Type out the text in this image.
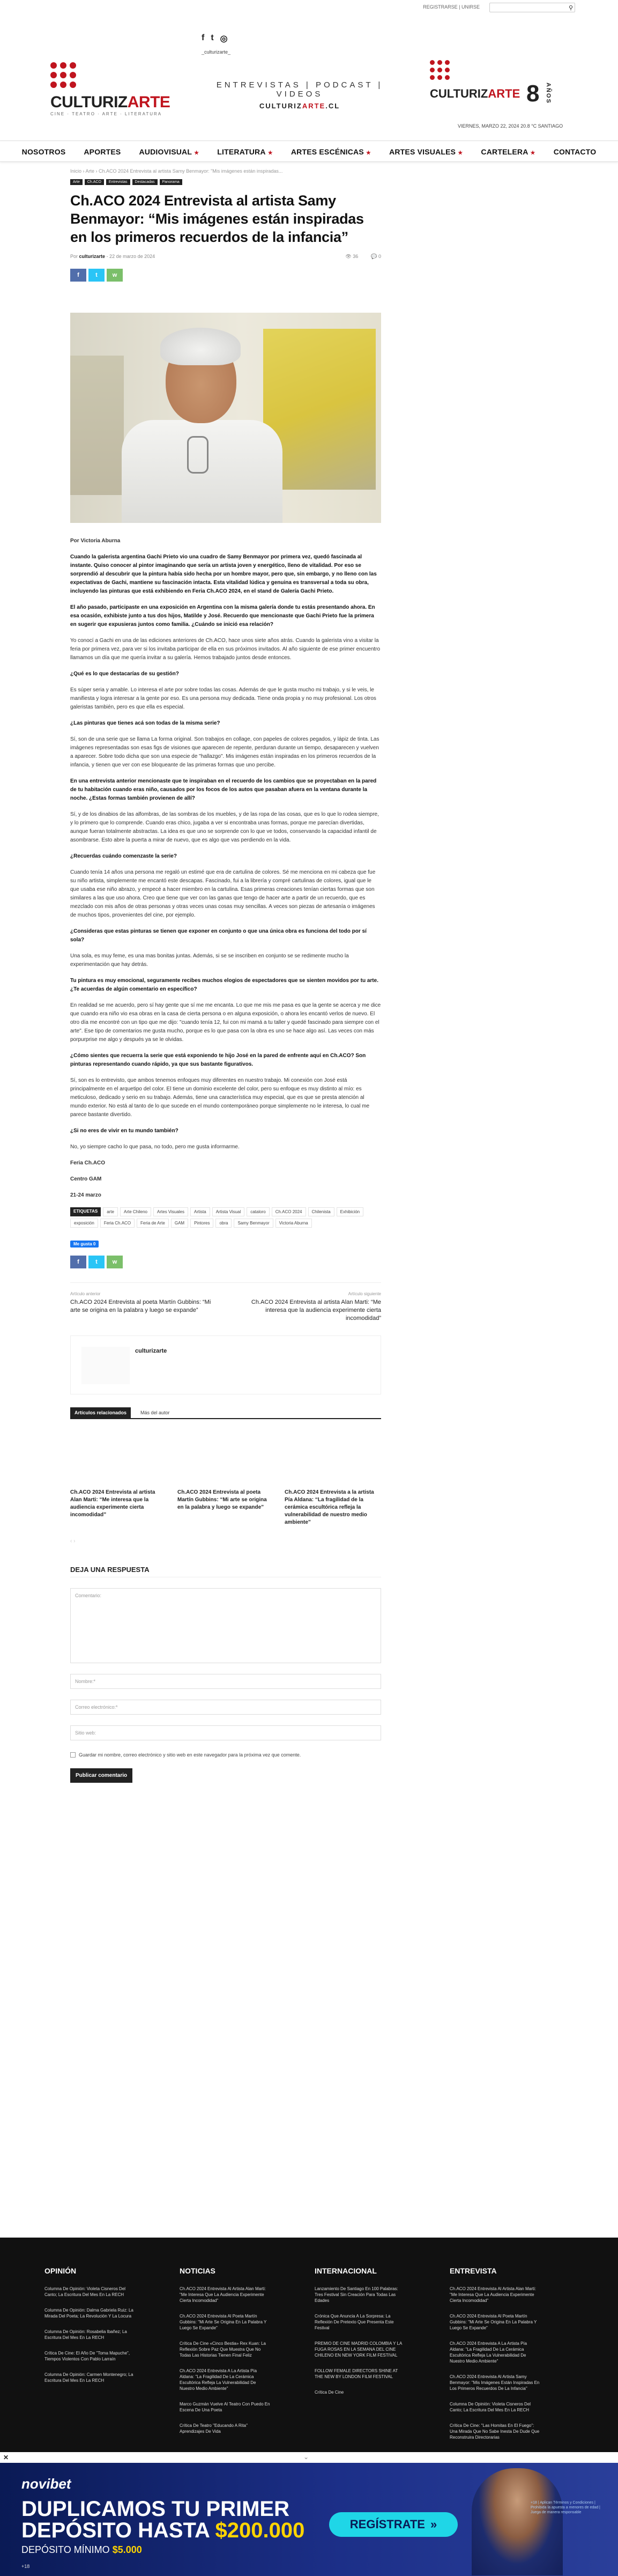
REGISTRARSE | UNIRSE	⚲
f t ◎
_culturizarte_
CULTURIZARTE
CINE · TEATRO · ARTE · LITERATURA
ENTREVISTAS | PODCAST | VIDEOS
CULTURIZARTE.CL
CULTURIZARTE 8 AÑOS
VIERNES, MARZO 22, 2024 20.8 °C SANTIAGO
NOSOTROS APORTES AUDIOVISUAL ★ LITERATURA ★ ARTES ESCÉNICAS ★ ARTES VISUALES ★ CARTELERA ★ CONTACTO
Inicio › Arte › Ch.ACO 2024 Entrevista al artista Samy Benmayor: "Mis imágenes están inspiradas...
Arte	Ch.ACO	Entrevistas	Destacadas	Panorama
Ch.ACO 2024 Entrevista al artista Samy Benmayor: “Mis imágenes están inspiradas en los primeros recuerdos de la infancia”
Por culturizarte - 22 de marzo de 2024	👁 36	💬 0
f	t	w

Por Victoria Aburna

Cuando la galerista argentina Gachi Prieto vio una cuadro de Samy Benmayor por primera vez, quedó fascinada al instante. Quiso conocer al pintor imaginando que sería un artista joven y energético, lleno de vitalidad. Por eso se sorprendió al descubrir que la pintura había sido hecha por un hombre mayor, pero que, sin embargo, y no lleno con las expectativas de Gachi, mantiene su fascinación intacta. Esta vitalidad lúdica y genuina es transversal a toda su obra, incluyendo las pinturas que está exhibiendo en Feria Ch.ACO 2024, en el stand de Galería Gachi Prieto.

El año pasado, participaste en una exposición en Argentina con la misma galería donde tu estás presentando ahora. En esa ocasión, exhibiste junto a tus dos hijos, Matilde y José. Recuerdo que mencionaste que Gachi Prieto fue la primera en sugerir que expusieras juntos como familia. ¿Cuándo se inició esa relación?

Yo conocí a Gachi en una de las ediciones anteriores de Ch.ACO, hace unos siete años atrás. Cuando la galerista vino a visitar la feria por primera vez, para ver si los invitaba participar de ella en sus próximos invitados. Al año siguiente de ese primer encuentro llamamos un día que me quería invitar a su galería. Hemos trabajado juntos desde entonces.

¿Qué es lo que destacarías de su gestión?

Es súper seria y amable. Lo interesa el arte por sobre todas las cosas. Además de que le gusta mucho mi trabajo, y si le veis, le manifiesta y logra interesar a la gente por eso. Es una persona muy dedicada. Tiene onda propia y no muy profesional. Los otros galeristas también, pero es que ella es especial.

¿Las pinturas que tienes acá son todas de la misma serie?

Sí, son de una serie que se llama La forma original. Son trabajos en collage, con papeles de colores pegados, y lápiz de tinta. Las imágenes representadas son esas figs de visiones que aparecen de repente, perduran durante un tiempo, desaparecen y vuelven a aparecer. Sobre todo dicha que son una especie de "hallazgo". Mis imágenes están inspiradas en los primeros recuerdos de la infancia, y tienen que ver con ese bloqueante de las primeras formas que uno percibe.

En una entrevista anterior mencionaste que te inspiraban en el recuerdo de los cambios que se proyectaban en la pared de tu habitación cuando eras niño, causados por los focos de los autos que pasaban afuera en la ventana durante la noche. ¿Estas formas también provienen de allí?

Sí, y de los dinabios de las alfombras, de las sombras de los muebles, y de las ropa de las cosas, que es lo que lo rodea siempre, y lo primero que lo comprende. Cuando eras chico, jugaba a ver si encontraba unas formas, porque me parecían divertidas, aunque fueran totalmente abstractas. La idea es que uno se sorprende con lo que ve todos, conservando la capacidad infantil de asombrarse. Esto abre la puerta a mirar de nuevo, que es algo que vas perdiendo en la vida.

¿Recuerdas cuándo comenzaste la serie?

Cuando tenía 14 años una persona me regaló un estimé que era de cartulina de colores. Sé me menciona en mi cabeza que fue su niño artista, simplemente me encantó este descapas. Fascinado, fui a la librería y compré cartulinas de colores, igual que le que usaba ese niño abrazo, y empecé a hacer miembro en la cartulina. Esas primeras creaciones tenían ciertas formas que son similares a las que uso ahora. Creo que tiene que ver con las ganas que tengo de hacer arte a partir de un recuerdo, que es mezclado con mis años de otras personas y otras veces unas cosas muy sencillas. A veces son piezas de artesanía o imágenes de muchos tipos, provenientes del cine, por ejemplo.

¿Consideras que estas pinturas se tienen que exponer en conjunto o que una única obra es funciona del todo por sí sola?

Una sola, es muy feme, es una mas bonitas juntas. Además, si se se inscriben en conjunto se se redimente mucho la experimentación que hay detrás.

Tu pintura es muy emocional, seguramente recibes muchos elogios de espectadores que se sienten movidos por tu arte. ¿Te acuerdas de algún comentario en específico?

En realidad se me acuerdo, pero sí hay gente que sí me me encanta. Lo que me mis me pasa es que la gente se acerca y me dice que cuando era niño vio esa obras en la casa de cierta persona o en alguna exposición, o ahora les encantó verlos de nuevo. El otro día me encontré con un tipo que me dijo: "cuando tenía 12, fui con mi mamá a tu taller y quedé fascinado para siempre con el arte". Ese tipo de comentarios me gusta mucho, porque es lo que pasa con la obra es uno se hace algo así. Las veces con más porpurprise me algo y después ya se le olvidas.

¿Cómo sientes que recuerra la serie que está exponiendo te hijo José en la pared de enfrente aquí en Ch.ACO? Son pinturas representando cuando rápido, ya que sus bastante figurativos.

Sí, son es lo entrevisto, que ambos tenemos enfoques muy diferentes en nuestro trabajo. Mi conexión con José está principalmente en el arquetipo del color. El tiene un dominio excelente del color, pero su enfoque es muy distinto al mío: es meticuloso, dedicado y serio en su trabajo. Además, tiene una característica muy especial, que es que se presta atención al mundo exterior. No está al tanto de lo que sucede en el mundo contemporáneo porque simplemente no le interesa, lo cual me parece bastante divertido.

¿Si no eres de vivir en tu mundo también?

No, yo siempre cacho lo que pasa, no todo, pero me gusta informarme.

Feria Ch.ACO

Centro GAM

21-24 marzo

ETIQUETAS	arte	Arte Chileno	Artes Visuales	Artista	Artista Visual	cataloro	Ch.ACO 2024	Chilenista	Exhibición
exposición	Feria Ch.ACO	Feria de Arte	GAM	Pintores	obra	Samy Benmayor	Victoria Aburna
Me gusta 0
f	t	w
Artículo anterior
Ch.ACO 2024 Entrevista al poeta Martín Gubbins: “Mi arte se origina en la palabra y luego se expande”
Artículo siguiente
Ch.ACO 2024 Entrevista al artista Alan Marti: “Me interesa que la audiencia experimente cierta incomodidad”
culturizarte
Artículos relacionados	Más del autor
Ch.ACO 2024 Entrevista al artista Alan Marti: “Me interesa que la audiencia experimente cierta incomodidad”
Ch.ACO 2024 Entrevista al poeta Martín Gubbins: “Mi arte se origina en la palabra y luego se expande”
Ch.ACO 2024 Entrevista a la artista Pía Aldana: “La fragilidad de la cerámica escultórica refleja la vulnerabilidad de nuestro medio ambiente”
‹ ›
DEJA UNA RESPUESTA
Comentario:
Nombre:*
Correo electrónico:*
Sitio web:
Guardar mi nombre, correo electrónico y sitio web en este navegador para la próxima vez que comente.
Publicar comentario
OPINIÓN

Columna De Opinión: Violeta Cisneros Del Canto; La Escritura Del Mes En La RECH

Columna De Opinión: Dalma Gabriela Ruiz: La Mirada Del Poeta; La Revolución Y La Locura

Columna De Opinión: Rosabelia Ibañez; La Escritura Del Mes En La RECH

Crítica De Cine: El Año De "Toma Mapuche", Tiempos Violentos Con Pablo Larraín

Columna De Opinión: Carmen Montenegro; La Escritura Del Mes En La RECH

NOTICIAS

Ch.ACO 2024 Entrevista Al Artista Alan Marti: "Me Interesa Que La Audiencia Experimente Cierta Incomodidad"

Ch.ACO 2024 Entrevista Al Poeta Martín Gubbins: "Mi Arte Se Origina En La Palabra Y Luego Se Expande"

Crítica De Cine «Cinco Bestia» Rex Kuan: La Reflexión Sobre Paz Que Muestra Que No Todas Las Historias Tienen Final Feliz

Ch.ACO 2024 Entrevista A La Artista Pía Aldana: "La Fragilidad De La Cerámica Escultórica Refleja La Vulnerabilidad De Nuestro Medio Ambiente"

Marco Guzmán Vuelve Al Teatro Con Puedo En Escena De Una Poeta

Crítica De Teatro "Educando A Rita" Aprendizajes De Vida

INTERNACIONAL

Lanzamiento De Santiago En 100 Palabras: Tres Festival Sin Creación Para Todas Las Edades

Crónica Que Anuncia A La Sorpresa: La Reflexión De Pretexto Que Presenta Este Festival

PREMIO DE CINE MADRID COLOMBIA Y LA FUGA ROSAS EN LA SEMANA DEL CINE CHILENO EN NEW YORK FILM FESTIVAL

FOLLOW FEMALE DIRECTORS SHINE AT THE NEW BY LONDON FILM FESTIVAL

Crítica De Cine

ENTREVISTA

Ch.ACO 2024 Entrevista Al Artista Alan Marti: "Me Interesa Que La Audiencia Experimente Cierta Incomodidad"

Ch.ACO 2024 Entrevista Al Poeta Martín Gubbins: "Mi Arte Se Origina En La Palabra Y Luego Se Expande"

Ch.ACO 2024 Entrevista A La Artista Pía Aldana: "La Fragilidad De La Cerámica Escultórica Refleja La Vulnerabilidad De Nuestro Medio Ambiente"

Ch.ACO 2024 Entrevista Al Artista Samy Benmayor: "Mis Imágenes Están Inspiradas En Los Primeros Recuerdos De La Infancia"

Columna De Opinión: Violeta Cisneros Del Canto; La Escritura Del Mes En La RECH

Crítica De Cine: "Las Homitas En El Fuego": Una Mirada Que No Sabe Inesta De Dude Que Reconstruira Directorarias

✕	⌄
novibet
DUPLICAMOS TU PRIMER
DEPÓSITO HASTA $200.000
DEPÓSITO MÍNIMO $5.000
REGÍSTRATE »
+18 | Aplican Términos y Condiciones | Prohibida la apuesta a menores de edad | Juega de manera responsable
+18
